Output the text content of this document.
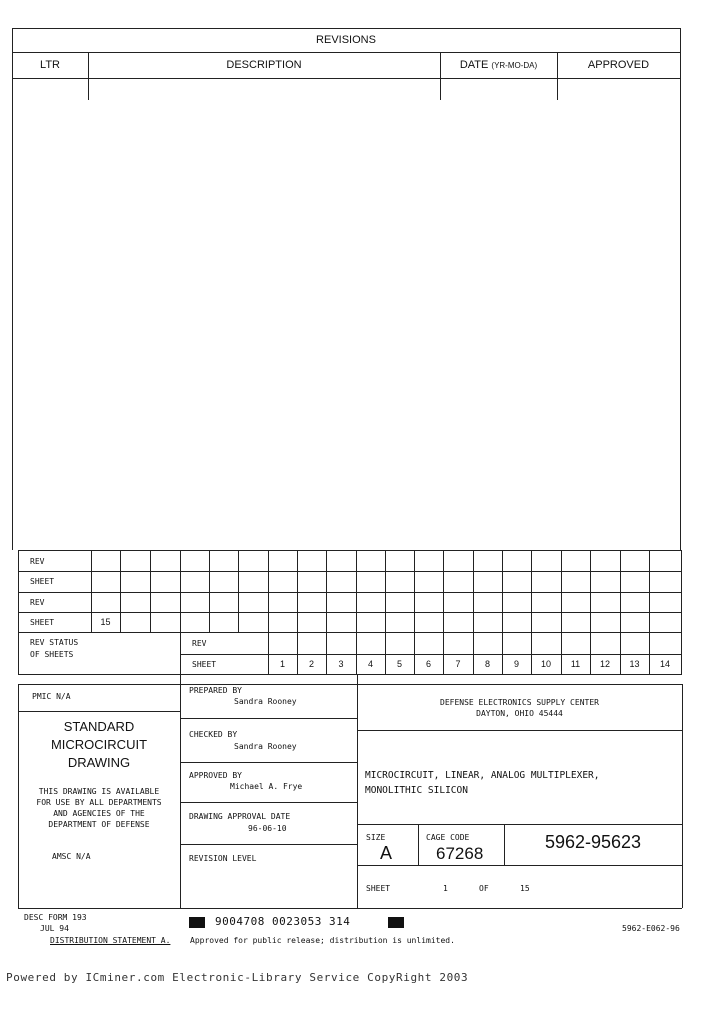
REVISIONS
LTR	DESCRIPTION	DATE (YR-MO-DA)	APPROVED
REV
SHEET
REV
SHEET	15
REV STATUS
OF SHEETS
REV
SHEET	1	2	3	4	5	6	7	8	9	10	11	12	13	14
PMIC N/A
STANDARD
MICROCIRCUIT
DRAWING
THIS DRAWING IS AVAILABLE
FOR USE BY ALL DEPARTMENTS
AND AGENCIES OF THE
DEPARTMENT OF DEFENSE
AMSC N/A
PREPARED BY
Sandra Rooney
CHECKED BY
Sandra Rooney
APPROVED BY
Michael A. Frye
DRAWING APPROVAL DATE
96-06-10
REVISION LEVEL
DEFENSE ELECTRONICS SUPPLY CENTER
DAYTON, OHIO 45444
MICROCIRCUIT, LINEAR, ANALOG MULTIPLEXER,
MONOLITHIC SILICON
SIZE
A
CAGE CODE
67268
5962-95623
SHEET	1	OF	15
DESC FORM 193
JUL 94
9004708 0023053 314
5962-E062-96
DISTRIBUTION STATEMENT A. Approved for public release; distribution is unlimited.
Powered by ICminer.com Electronic-Library Service CopyRight 2003
